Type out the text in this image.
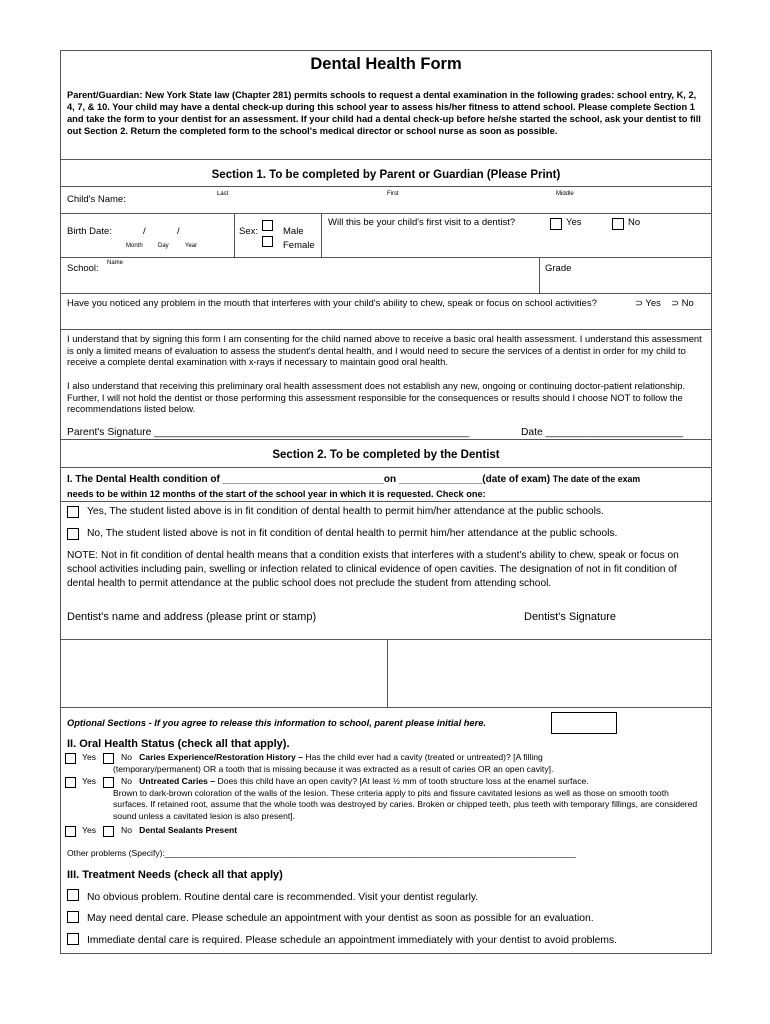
Dental Health Form
Parent/Guardian: New York State law (Chapter 281) permits schools to request a dental examination in the following grades: school entry, K, 2, 4, 7, & 10. Your child may have a dental check-up during this school year to assess his/her fitness to attend school. Please complete Section 1 and take the form to your dentist for an assessment. If your child had a dental check-up before he/she started the school, ask your dentist to fill out Section 2. Return the completed form to the school's medical director or school nurse as soon as possible.
Section 1. To be completed by Parent or Guardian (Please Print)
Child's Name:	Last	First	Middle
Birth Date:	/	/
Month	Day	Year
Sex:	Male
Female
Will this be your child's first visit to a dentist?	Yes	No
School: Name	Grade
Have you noticed any problem in the mouth that interferes with your child's ability to chew, speak or focus on school activities?	⊃ Yes ⊃ No
I understand that by signing this form I am consenting for the child named above to receive a basic oral health assessment. I understand this assessment is only a limited means of evaluation to assess the student's dental health, and I would need to secure the services of a dentist in order for my child to receive a complete dental examination with x-rays if necessary to maintain good oral health.
I also understand that receiving this preliminary oral health assessment does not establish any new, ongoing or continuing doctor-patient relationship. Further, I will not hold the dentist or those performing this assessment responsible for the consequences or results should I choose NOT to follow the recommendations listed below.
Parent's Signature _______________________________________________________	Date ________________________
Section 2. To be completed by the Dentist
I. The Dental Health condition of _____________________________on _______________(date of exam) The date of the exam
needs to be within 12 months of the start of the school year in which it is requested. Check one:
Yes, The student listed above is in fit condition of dental health to permit him/her attendance at the public schools.
No, The student listed above is not in fit condition of dental health to permit him/her attendance at the public schools.
NOTE: Not in fit condition of dental health means that a condition exists that interferes with a student's ability to chew, speak or focus on school activities including pain, swelling or infection related to clinical evidence of open cavities. The designation of not in fit condition of dental health to permit attendance at the public school does not preclude the student from attending school.
Dentist's name and address (please print or stamp)	Dentist's Signature
Optional Sections - If you agree to release this information to school, parent please initial here.
II. Oral Health Status (check all that apply).
Yes	No Caries Experience/Restoration History – Has the child ever had a cavity (treated or untreated)? [A filling
(temporary/permanent) OR a tooth that is missing because it was extracted as a result of caries OR an open cavity].
Yes	No Untreated Caries – Does this child have an open cavity? [At least ½ mm of tooth structure loss at the enamel surface.
Brown to dark-brown coloration of the walls of the lesion. These criteria apply to pits and fissure cavitated lesions as well as those on smooth tooth surfaces. If retained root, assume that the whole tooth was destroyed by caries. Broken or chipped teeth, plus teeth with temporary fillings, are considered sound unless a cavitated lesion is also present].
Yes	No Dental Sealants Present
Other problems (Specify):______________________________________________________________________________________
III. Treatment Needs (check all that apply)
No obvious problem. Routine dental care is recommended. Visit your dentist regularly.
May need dental care. Please schedule an appointment with your dentist as soon as possible for an evaluation.
Immediate dental care is required. Please schedule an appointment immediately with your dentist to avoid problems.
